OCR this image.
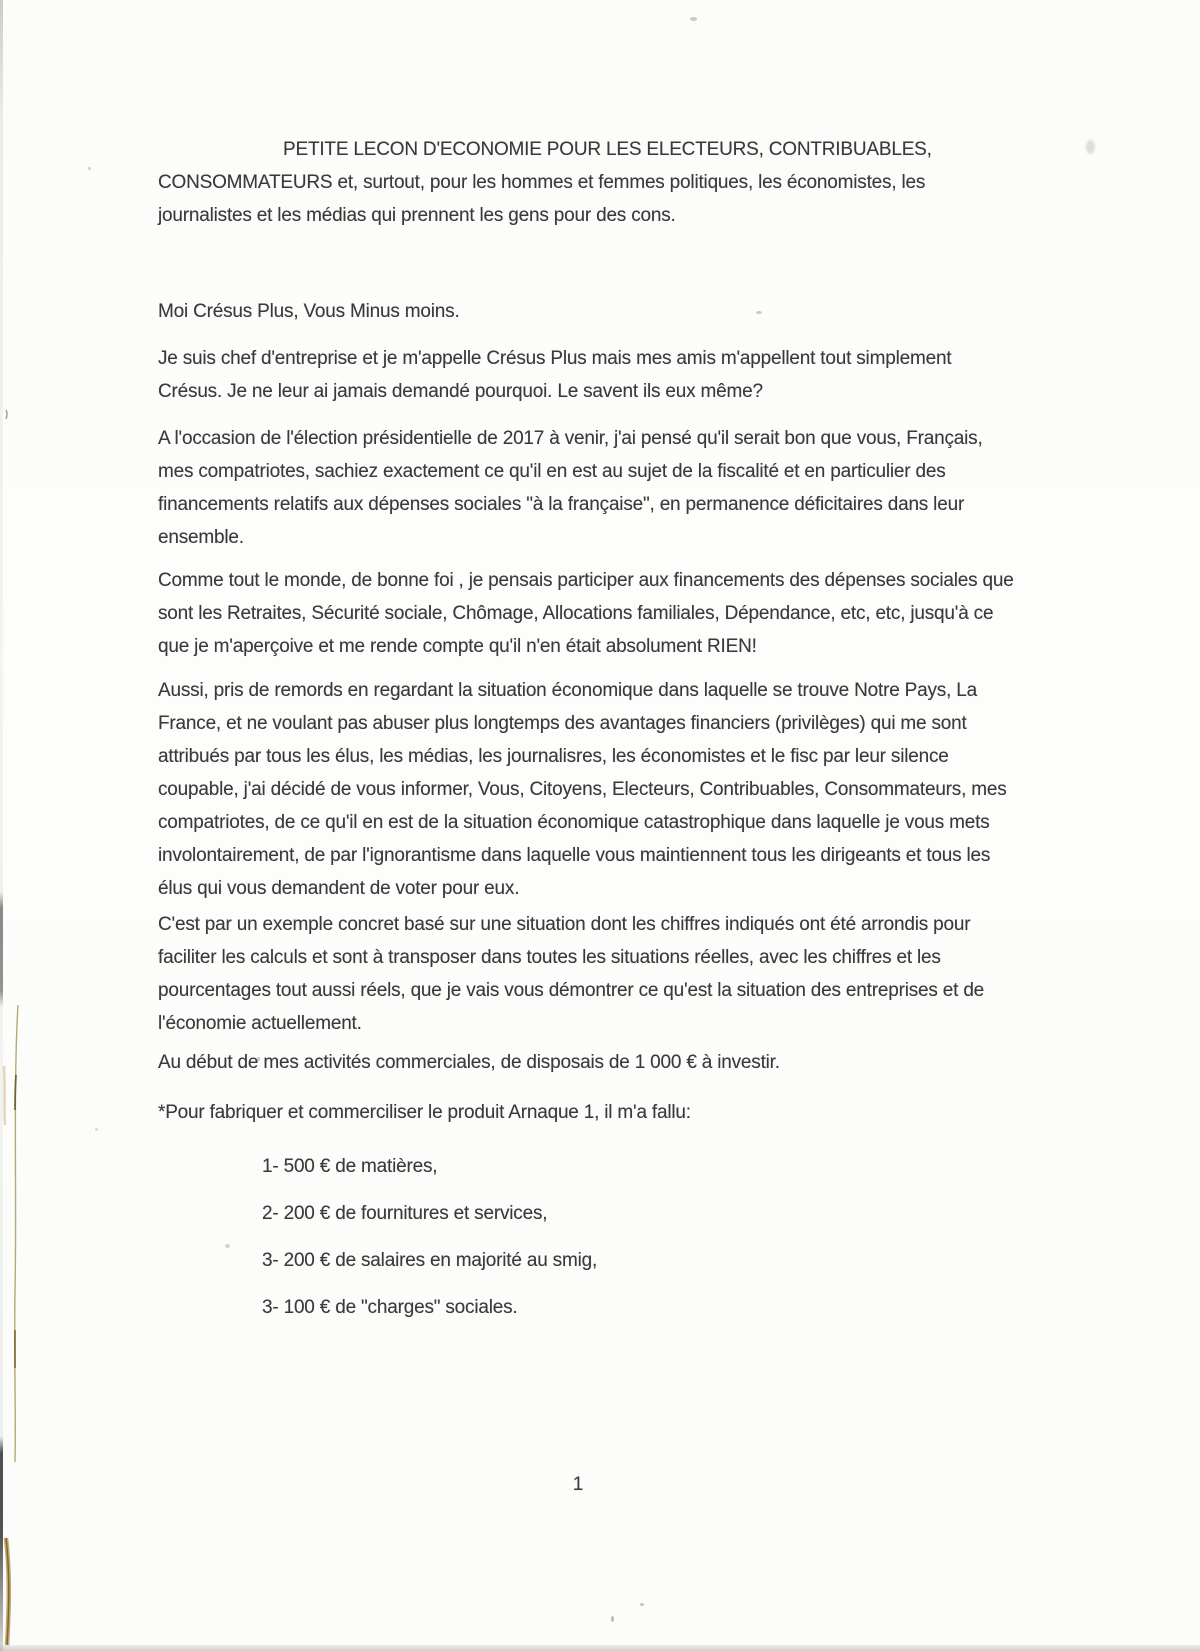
PETITE LECON D'ECONOMIE POUR LES ELECTEURS, CONTRIBUABLES, CONSOMMATEURS et, surtout, pour les hommes et femmes politiques, les économistes, les journalistes et les médias qui prennent les gens pour des cons.

Moi Crésus Plus, Vous Minus moins.

Je suis chef d'entreprise et je m'appelle Crésus Plus mais mes amis m'appellent tout simplement Crésus. Je ne leur ai jamais demandé pourquoi. Le savent ils eux même?

A l'occasion de l'élection présidentielle de 2017 à venir, j'ai pensé qu'il serait bon que vous, Français, mes compatriotes, sachiez exactement ce qu'il en est au sujet de la fiscalité et en particulier des financements relatifs aux dépenses sociales "à la française", en permanence déficitaires dans leur ensemble.

Comme tout le monde, de bonne foi , je pensais participer aux financements des dépenses sociales que sont les Retraites, Sécurité sociale, Chômage, Allocations familiales, Dépendance, etc, etc, jusqu'à ce que je m'aperçoive et me rende compte qu'il n'en était absolument RIEN!

Aussi, pris de remords en regardant la situation économique dans laquelle se trouve Notre Pays, La France, et ne voulant pas abuser plus longtemps des avantages financiers (privilèges) qui me sont attribués par tous les élus, les médias, les journalisres, les économistes et le fisc par leur silence coupable, j'ai décidé de vous informer, Vous, Citoyens, Electeurs, Contribuables, Consommateurs, mes compatriotes, de ce qu'il en est de la situation économique catastrophique dans laquelle je vous mets involontairement, de par l'ignorantisme dans laquelle vous maintiennent tous les dirigeants et tous les élus qui vous demandent de voter pour eux.

C'est par un exemple concret basé sur une situation dont les chiffres indiqués ont été arrondis pour faciliter les calculs et sont à transposer dans toutes les situations réelles, avec les chiffres et les pourcentages tout aussi réels, que je vais vous démontrer ce qu'est la situation des entreprises et de l'économie actuellement.

Au début de mes activités commerciales, de disposais de 1 000 € à investir.

*Pour fabriquer et commerciliser le produit Arnaque 1, il m'a fallu:

1- 500 € de matières,

2- 200 € de fournitures et services,

3- 200 € de salaires en majorité au smig,

3- 100 € de "charges" sociales.

1
